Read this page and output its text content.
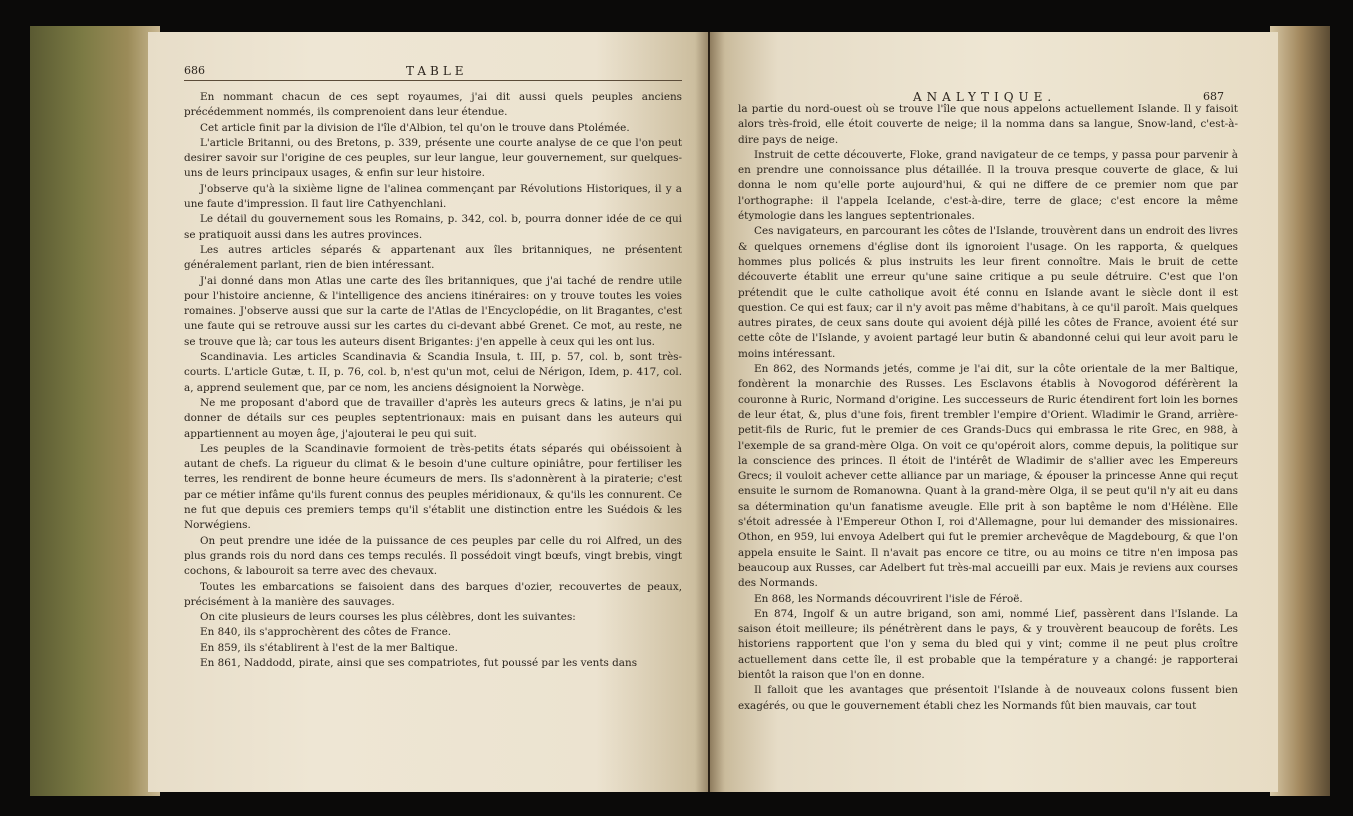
686	TABLE

En nommant chacun de ces sept royaumes, j'ai dit aussi quels peuples anciens précédemment nommés, ils comprenoient dans leur étendue.

Cet article finit par la division de l'île d'Albion, tel qu'on le trouve dans Ptolémée.

L'article Britanni, ou des Bretons, p. 339, présente une courte analyse de ce que l'on peut desirer savoir sur l'origine de ces peuples, sur leur langue, leur gouvernement, sur quelques-uns de leurs principaux usages, & enfin sur leur histoire.

J'observe qu'à la sixième ligne de l'alinea commençant par Révolutions Historiques, il y a une faute d'impression. Il faut lire Cathyenchlani.

Le détail du gouvernement sous les Romains, p. 342, col. b, pourra donner idée de ce qui se pratiquoit aussi dans les autres provinces.

Les autres articles séparés & appartenant aux îles britanniques, ne présentent généralement parlant, rien de bien intéressant.

J'ai donné dans mon Atlas une carte des îles britanniques, que j'ai taché de rendre utile pour l'histoire ancienne, & l'intelligence des anciens itinéraires: on y trouve toutes les voies romaines. J'observe aussi que sur la carte de l'Atlas de l'Encyclopédie, on lit Bragantes, c'est une faute qui se retrouve aussi sur les cartes du ci-devant abbé Grenet. Ce mot, au reste, ne se trouve que là; car tous les auteurs disent Brigantes: j'en appelle à ceux qui les ont lus.

Scandinavia. Les articles Scandinavia & Scandia Insula, t. III, p. 57, col. b, sont très-courts. L'article Gutæ, t. II, p. 76, col. b, n'est qu'un mot, celui de Nérigon, Idem, p. 417, col. a, apprend seulement que, par ce nom, les anciens désignoient la Norwège.

Ne me proposant d'abord que de travailler d'après les auteurs grecs & latins, je n'ai pu donner de détails sur ces peuples septentrionaux: mais en puisant dans les auteurs qui appartiennent au moyen âge, j'ajouterai le peu qui suit.

Les peuples de la Scandinavie formoient de très-petits états séparés qui obéissoient à autant de chefs. La rigueur du climat & le besoin d'une culture opiniâtre, pour fertiliser les terres, les rendirent de bonne heure écumeurs de mers. Ils s'adonnèrent à la piraterie; c'est par ce métier infâme qu'ils furent connus des peuples méridionaux, & qu'ils les connurent. Ce ne fut que depuis ces premiers temps qu'il s'établit une distinction entre les Suédois & les Norwégiens.

On peut prendre une idée de la puissance de ces peuples par celle du roi Alfred, un des plus grands rois du nord dans ces temps reculés. Il possédoit vingt bœufs, vingt brebis, vingt cochons, & labouroit sa terre avec des chevaux.

Toutes les embarcations se faisoient dans des barques d'ozier, recouvertes de peaux, précisément à la manière des sauvages.

On cite plusieurs de leurs courses les plus célèbres, dont les suivantes:

En 840, ils s'approchèrent des côtes de France.

En 859, ils s'établirent à l'est de la mer Baltique.

En 861, Naddodd, pirate, ainsi que ses compatriotes, fut poussé par les vents dans

ANALYTIQUE.	687

la partie du nord-ouest où se trouve l'île que nous appelons actuellement Islande. Il y faisoit alors très-froid, elle étoit couverte de neige; il la nomma dans sa langue, Snow-land, c'est-à-dire pays de neige.

Instruit de cette découverte, Floke, grand navigateur de ce temps, y passa pour parvenir à en prendre une connoissance plus détaillée. Il la trouva presque couverte de glace, & lui donna le nom qu'elle porte aujourd'hui, & qui ne differe de ce premier nom que par l'orthographe: il l'appela Icelande, c'est-à-dire, terre de glace; c'est encore la même étymologie dans les langues septentrionales.

Ces navigateurs, en parcourant les côtes de l'Islande, trouvèrent dans un endroit des livres & quelques ornemens d'église dont ils ignoroient l'usage. On les rapporta, & quelques hommes plus policés & plus instruits les leur firent connoître. Mais le bruit de cette découverte établit une erreur qu'une saine critique a pu seule détruire. C'est que l'on prétendit que le culte catholique avoit été connu en Islande avant le siècle dont il est question. Ce qui est faux; car il n'y avoit pas même d'habitans, à ce qu'il paroît. Mais quelques autres pirates, de ceux sans doute qui avoient déjà pillé les côtes de France, avoient été sur cette côte de l'Islande, y avoient partagé leur butin & abandonné celui qui leur avoit paru le moins intéressant.

En 862, des Normands jetés, comme je l'ai dit, sur la côte orientale de la mer Baltique, fondèrent la monarchie des Russes. Les Esclavons établis à Novogorod déférèrent la couronne à Ruric, Normand d'origine. Les successeurs de Ruric étendirent fort loin les bornes de leur état, &, plus d'une fois, firent trembler l'empire d'Orient. Wladimir le Grand, arrière-petit-fils de Ruric, fut le premier de ces Grands-Ducs qui embrassa le rite Grec, en 988, à l'exemple de sa grand-mère Olga. On voit ce qu'opéroit alors, comme depuis, la politique sur la conscience des princes. Il étoit de l'intérêt de Wladimir de s'allier avec les Empereurs Grecs; il vouloit achever cette alliance par un mariage, & épouser la princesse Anne qui reçut ensuite le surnom de Romanowna. Quant à la grand-mère Olga, il se peut qu'il n'y ait eu dans sa détermination qu'un fanatisme aveugle. Elle prit à son baptême le nom d'Hélène. Elle s'étoit adressée à l'Empereur Othon I, roi d'Allemagne, pour lui demander des missionaires. Othon, en 959, lui envoya Adelbert qui fut le premier archevêque de Magdebourg, & que l'on appela ensuite le Saint. Il n'avait pas encore ce titre, ou au moins ce titre n'en imposa pas beaucoup aux Russes, car Adelbert fut très-mal accueilli par eux. Mais je reviens aux courses des Normands.

En 868, les Normands découvrirent l'isle de Féroë.

En 874, Ingolf & un autre brigand, son ami, nommé Lief, passèrent dans l'Islande. La saison étoit meilleure; ils pénétrèrent dans le pays, & y trouvèrent beaucoup de forêts. Les historiens rapportent que l'on y sema du bled qui y vint; comme il ne peut plus croître actuellement dans cette île, il est probable que la température y a changé: je rapporterai bientôt la raison que l'on en donne.

Il falloit que les avantages que présentoit l'Islande à de nouveaux colons fussent bien exagérés, ou que le gouvernement établi chez les Normands fût bien mauvais, car tout
